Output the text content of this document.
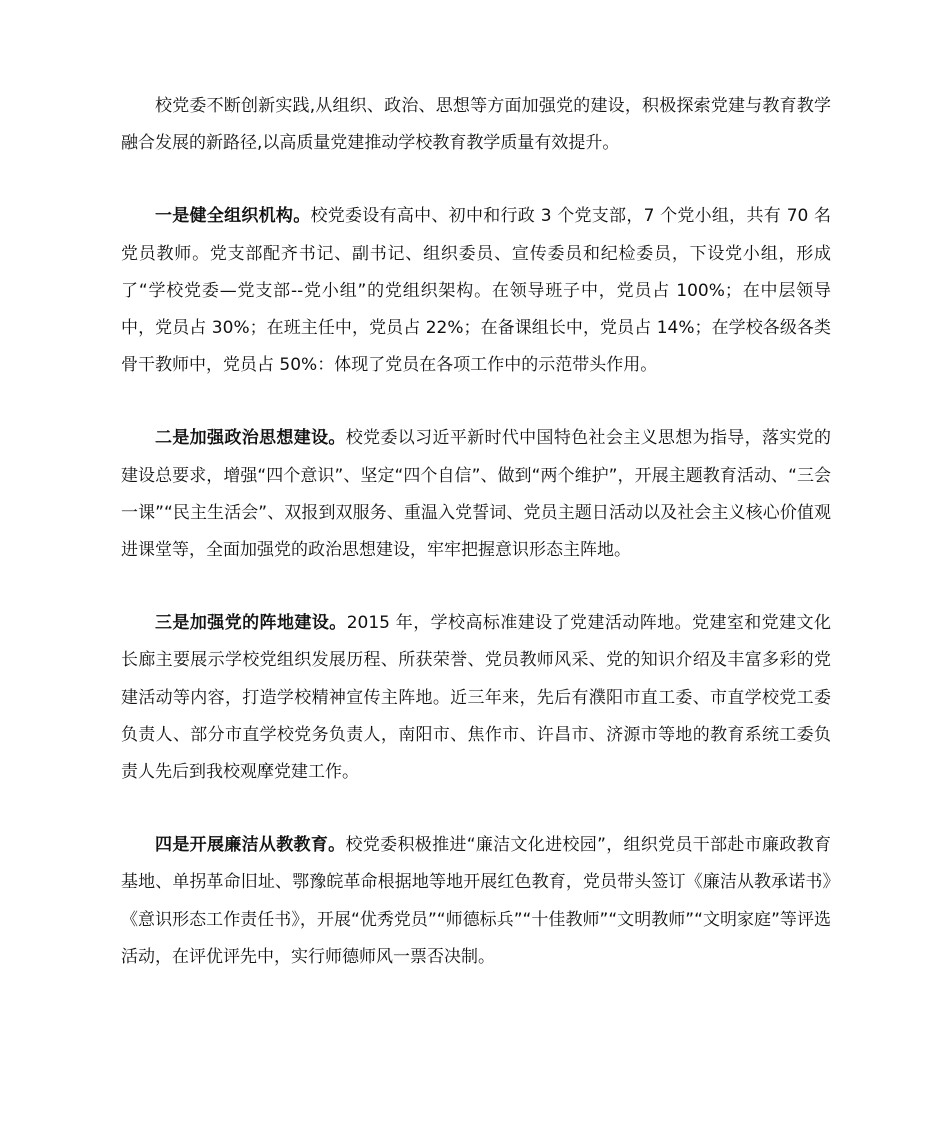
校党委不断创新实践,从组织、政治、思想等方面加强党的建设，积极探索党建与教育教学融合发展的新路径,以高质量党建推动学校教育教学质量有效提升。

一是健全组织机构。校党委设有高中、初中和行政 3 个党支部，7 个党小组，共有 70 名党员教师。党支部配齐书记、副书记、组织委员、宣传委员和纪检委员，下设党小组，形成了“学校党委—党支部--党小组”的党组织架构。在领导班子中，党员占 100%；在中层领导中，党员占 30%；在班主任中，党员占 22%；在备课组长中，党员占 14%；在学校各级各类骨干教师中，党员占 50%：体现了党员在各项工作中的示范带头作用。

二是加强政治思想建设。校党委以习近平新时代中国特色社会主义思想为指导，落实党的建设总要求，增强“四个意识”、坚定“四个自信”、做到“两个维护”，开展主题教育活动、“三会一课”“民主生活会”、双报到双服务、重温入党誓词、党员主题日活动以及社会主义核心价值观进课堂等，全面加强党的政治思想建设，牢牢把握意识形态主阵地。

三是加强党的阵地建设。2015 年，学校高标准建设了党建活动阵地。党建室和党建文化长廊主要展示学校党组织发展历程、所获荣誉、党员教师风采、党的知识介绍及丰富多彩的党建活动等内容，打造学校精神宣传主阵地。近三年来，先后有濮阳市直工委、市直学校党工委负责人、部分市直学校党务负责人，南阳市、焦作市、许昌市、济源市等地的教育系统工委负责人先后到我校观摩党建工作。

四是开展廉洁从教教育。校党委积极推进“廉洁文化进校园”，组织党员干部赴市廉政教育基地、单拐革命旧址、鄂豫皖革命根据地等地开展红色教育，党员带头签订《廉洁从教承诺书》《意识形态工作责任书》，开展“优秀党员”“师德标兵”“十佳教师”“文明教师”“文明家庭”等评选活动，在评优评先中，实行师德师风一票否决制。
